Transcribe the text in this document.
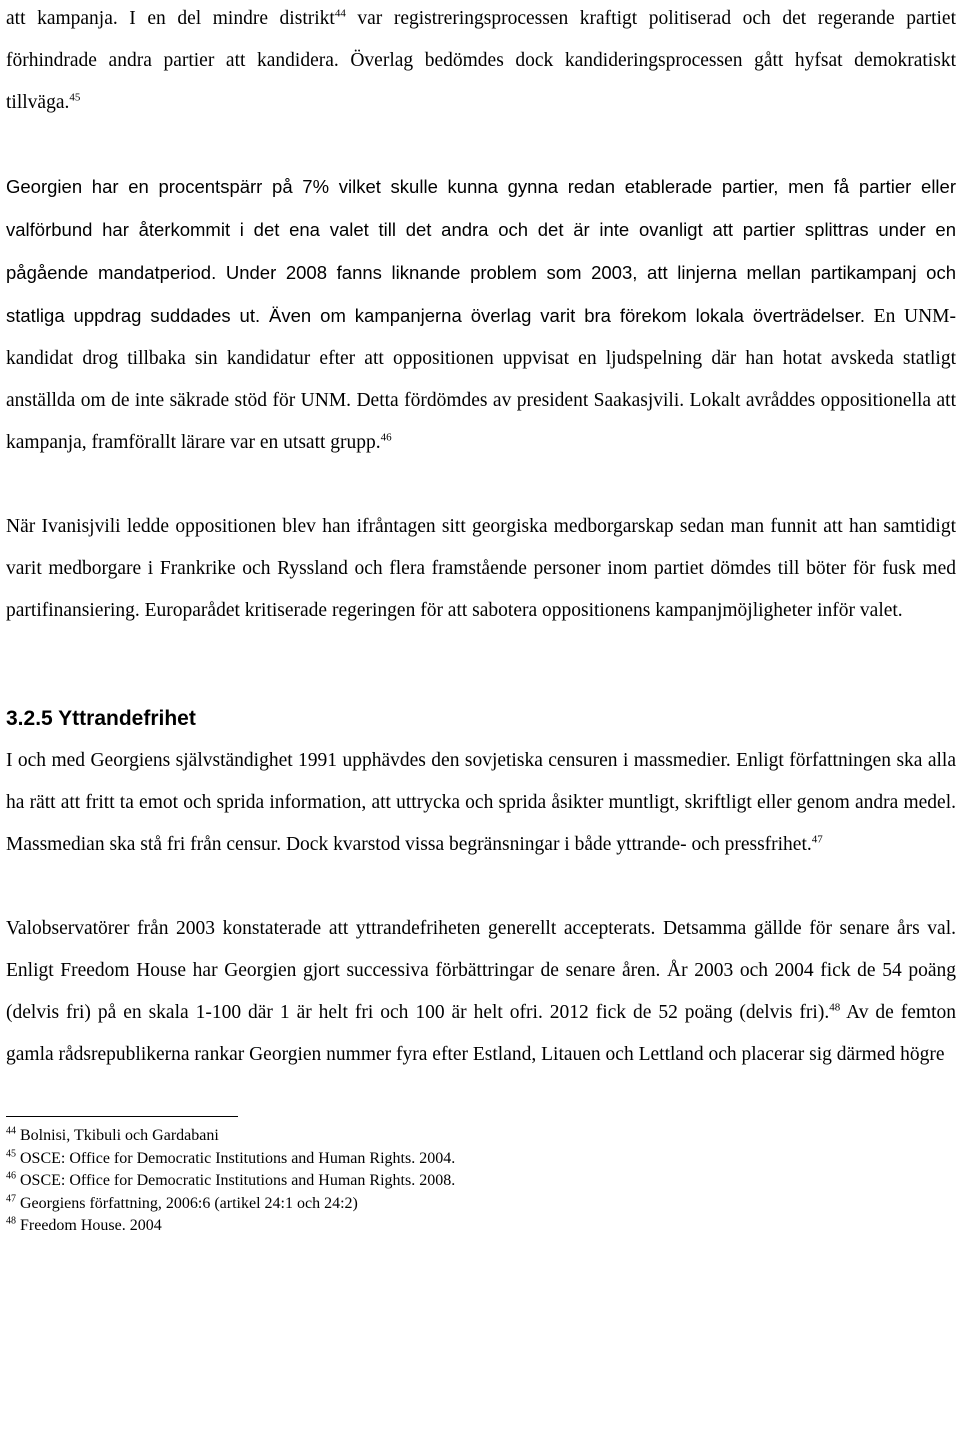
att kampanja. I en del mindre distrikt$^{44}$ var registreringsprocessen kraftigt politiserad och det regerande partiet förhindrade andra partier att kandidera. Överlag bedömdes dock kandideringsprocessen gått hyfsat demokratiskt tillväga.$^{45}$

Georgien har en procentspärr på 7% vilket skulle kunna gynna redan etablerade partier, men få partier eller valförbund har återkommit i det ena valet till det andra och det är inte ovanligt att partier splittras under en pågående mandatperiod. Under 2008 fanns liknande problem som 2003, att linjerna mellan partikampanj och statliga uppdrag suddades ut. Även om kampanjerna överlag varit bra förekom lokala överträdelser. En UNM-kandidat drog tillbaka sin kandidatur efter att oppositionen uppvisat en ljudspelning där han hotat avskeda statligt anställda om de inte säkrade stöd för UNM. Detta fördömdes av president Saakasjvili. Lokalt avråddes oppositionella att kampanja, framförallt lärare var en utsatt grupp.$^{46}$

När Ivanisjvili ledde oppositionen blev han ifråntagen sitt georgiska medborgarskap sedan man funnit att han samtidigt varit medborgare i Frankrike och Ryssland och flera framstående personer inom partiet dömdes till böter för fusk med partifinansiering. Europarådet kritiserade regeringen för att sabotera oppositionens kampanjmöjligheter inför valet.

3.2.5 Yttrandefrihet

I och med Georgiens självständighet 1991 upphävdes den sovjetiska censuren i massmedier. Enligt författningen ska alla ha rätt att fritt ta emot och sprida information, att uttrycka och sprida åsikter muntligt, skriftligt eller genom andra medel. Massmedian ska stå fri från censur. Dock kvarstod vissa begränsningar i både yttrande- och pressfrihet.$^{47}$

Valobservatörer från 2003 konstaterade att yttrandefriheten generellt accepterats. Detsamma gällde för senare års val. Enligt Freedom House har Georgien gjort successiva förbättringar de senare åren. År 2003 och 2004 fick de 54 poäng (delvis fri) på en skala 1-100 där 1 är helt fri och 100 är helt ofri. 2012 fick de 52 poäng (delvis fri).$^{48}$ Av de femton gamla rådsrepublikerna rankar Georgien nummer fyra efter Estland, Litauen och Lettland och placerar sig därmed högre

$^{44}$ Bolnisi, Tkibuli och Gardabani

$^{45}$ OSCE: Office for Democratic Institutions and Human Rights. 2004.

$^{46}$ OSCE: Office for Democratic Institutions and Human Rights. 2008.

$^{47}$ Georgiens författning, 2006:6 (artikel 24:1 och 24:2)

$^{48}$ Freedom House. 2004
